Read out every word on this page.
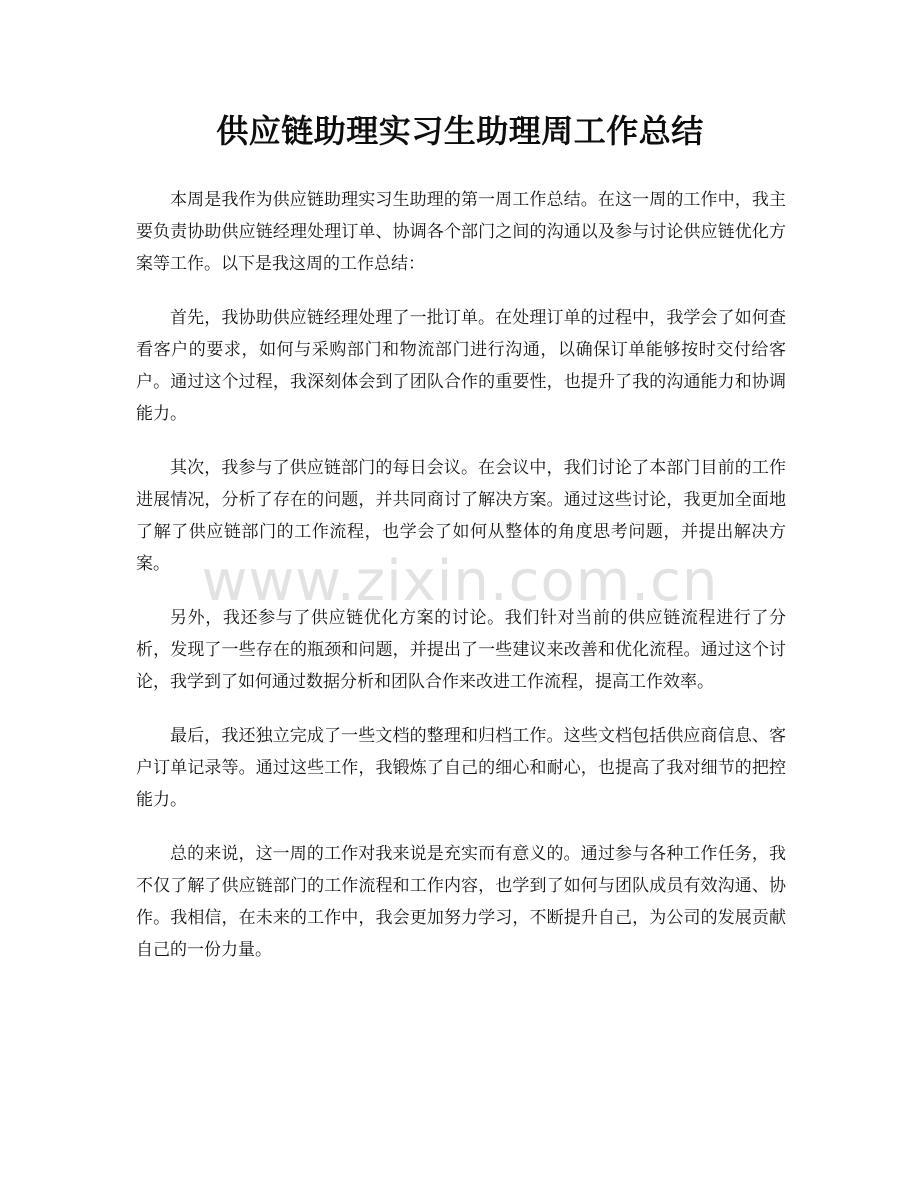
供应链助理实习生助理周工作总结

本周是我作为供应链助理实习生助理的第一周工作总结。在这一周的工作中，我主要负责协助供应链经理处理订单、协调各个部门之间的沟通以及参与讨论供应链优化方案等工作。以下是我这周的工作总结：

首先，我协助供应链经理处理了一批订单。在处理订单的过程中，我学会了如何查看客户的要求，如何与采购部门和物流部门进行沟通，以确保订单能够按时交付给客户。通过这个过程，我深刻体会到了团队合作的重要性，也提升了我的沟通能力和协调能力。

其次，我参与了供应链部门的每日会议。在会议中，我们讨论了本部门目前的工作进展情况，分析了存在的问题，并共同商讨了解决方案。通过这些讨论，我更加全面地了解了供应链部门的工作流程，也学会了如何从整体的角度思考问题，并提出解决方案。

另外，我还参与了供应链优化方案的讨论。我们针对当前的供应链流程进行了分析，发现了一些存在的瓶颈和问题，并提出了一些建议来改善和优化流程。通过这个讨论，我学到了如何通过数据分析和团队合作来改进工作流程，提高工作效率。

最后，我还独立完成了一些文档的整理和归档工作。这些文档包括供应商信息、客户订单记录等。通过这些工作，我锻炼了自己的细心和耐心，也提高了我对细节的把控能力。

总的来说，这一周的工作对我来说是充实而有意义的。通过参与各种工作任务，我不仅了解了供应链部门的工作流程和工作内容，也学到了如何与团队成员有效沟通、协作。我相信，在未来的工作中，我会更加努力学习，不断提升自己，为公司的发展贡献自己的一份力量。

www.zixin.com.cn
